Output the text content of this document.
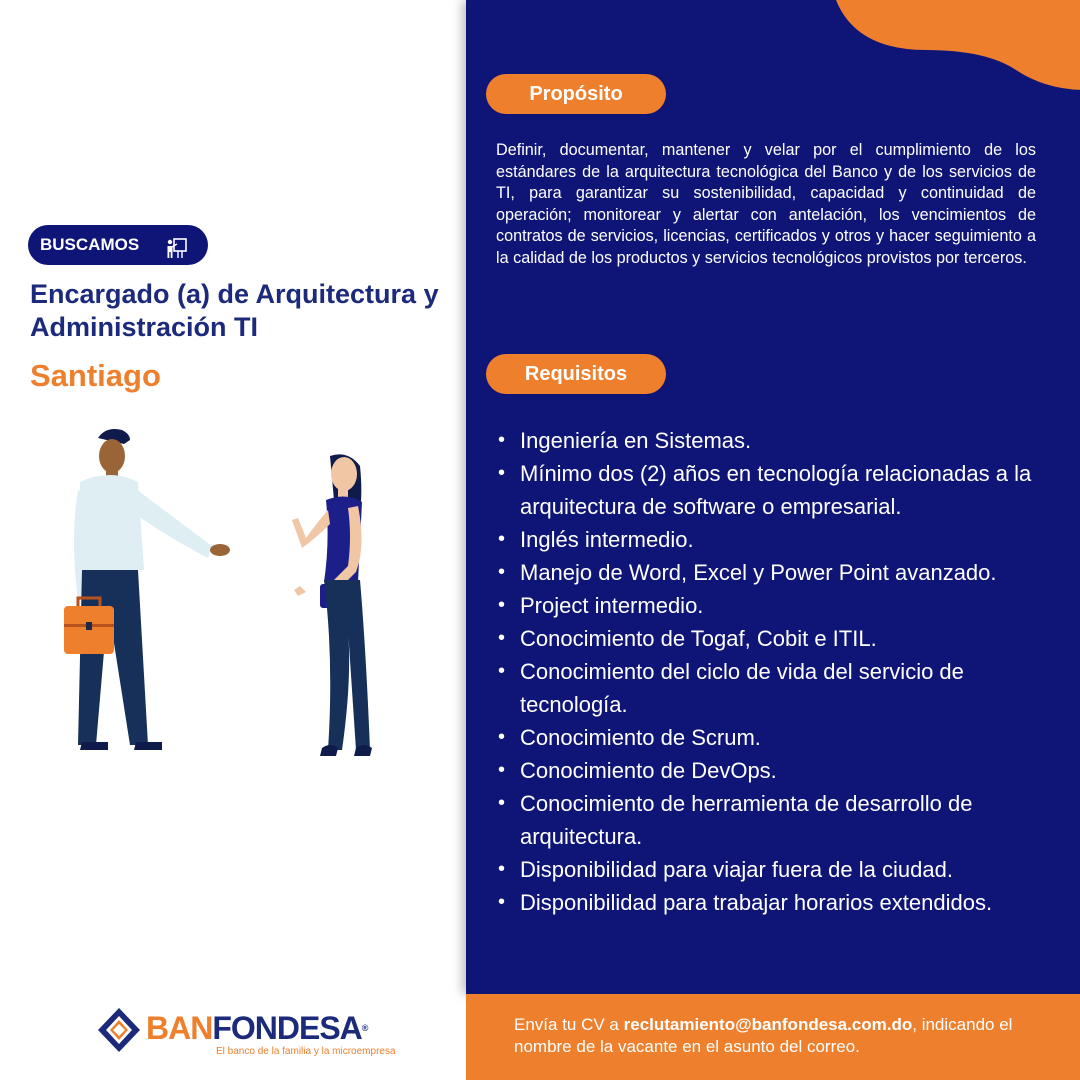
BUSCAMOS
Encargado (a) de Arquitectura y Administración TI
Santiago
BANFONDESA®
El banco de la familia y la microempresa
Propósito
Definir, documentar, mantener y velar por el cumplimiento de los estándares de la arquitectura tecnológica del Banco y de los servicios de TI, para garantizar su sostenibilidad, capacidad y continuidad de operación; monitorear y alertar con antelación, los vencimientos de contratos de servicios, licencias, certificados y otros y hacer seguimiento a la calidad de los productos y servicios tecnológicos provistos por terceros.
Requisitos
• Ingeniería en Sistemas.
• Mínimo dos (2) años en tecnología relacionadas a la arquitectura de software o empresarial.
• Inglés intermedio.
• Manejo de Word, Excel y Power Point avanzado.
• Project intermedio.
• Conocimiento de Togaf, Cobit e ITIL.
• Conocimiento del ciclo de vida del servicio de tecnología.
• Conocimiento de Scrum.
• Conocimiento de DevOps.
• Conocimiento de herramienta de desarrollo de arquitectura.
• Disponibilidad para viajar fuera de la ciudad.
• Disponibilidad para trabajar horarios extendidos.
Envía tu CV a reclutamiento@banfondesa.com.do, indicando el nombre de la vacante en el asunto del correo.
